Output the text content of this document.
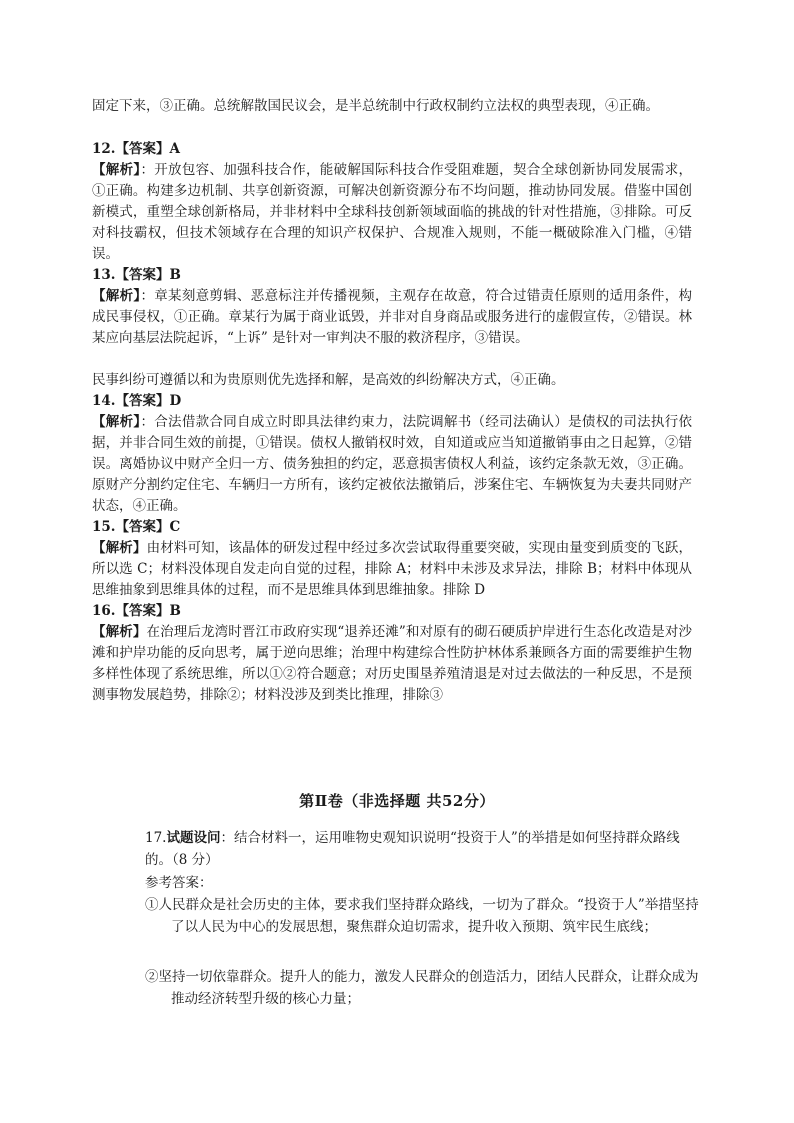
固定下来，③正确。总统解散国民议会，是半总统制中行政权制约立法权的典型表现，④正确。

12.【答案】A

【解析】：开放包容、加强科技合作，能破解国际科技合作受阻难题，契合全球创新协同发展需求，①正确。构建多边机制、共享创新资源，可解决创新资源分布不均问题，推动协同发展。借鉴中国创新模式，重塑全球创新格局，并非材料中全球科技创新领域面临的挑战的针对性措施，③排除。可反对科技霸权，但技术领域存在合理的知识产权保护、合规准入规则，不能一概破除准入门槛，④错误。

13.【答案】B

【解析】：章某刻意剪辑、恶意标注并传播视频，主观存在故意，符合过错责任原则的适用条件，构成民事侵权，①正确。章某行为属于商业诋毁，并非对自身商品或服务进行的虚假宣传，②错误。林某应向基层法院起诉，“上诉” 是针对一审判决不服的救济程序，③错误。

民事纠纷可遵循以和为贵原则优先选择和解，是高效的纠纷解决方式，④正确。

14.【答案】D

【解析】：合法借款合同自成立时即具法律约束力，法院调解书（经司法确认）是债权的司法执行依据，并非合同生效的前提，①错误。债权人撤销权时效，自知道或应当知道撤销事由之日起算，②错误。离婚协议中财产全归一方、债务独担的约定，恶意损害债权人利益，该约定条款无效，③正确。原财产分割约定住宅、车辆归一方所有，该约定被依法撤销后，涉案住宅、车辆恢复为夫妻共同财产状态，④正确。

15.【答案】C

【解析】由材料可知，该晶体的研发过程中经过多次尝试取得重要突破，实现由量变到质变的飞跃，所以选 C；材料没体现自发走向自觉的过程，排除 A；材料中未涉及求异法，排除 B；材料中体现从思维抽象到思维具体的过程，而不是思维具体到思维抽象。排除 D

16.【答案】B

【解析】在治理后龙湾时晋江市政府实现“退养还滩”和对原有的砌石硬质护岸进行生态化改造是对沙滩和护岸功能的反向思考，属于逆向思维；治理中构建综合性防护林体系兼顾各方面的需要维护生物多样性体现了系统思维，所以①②符合题意；对历史围垦养殖清退是对过去做法的一种反思，不是预测事物发展趋势，排除②；材料没涉及到类比推理，排除③

第Ⅱ卷（非选择题 共52分）

17.试题设问：结合材料一，运用唯物史观知识说明“投资于人”的举措是如何坚持群众路线的。（8 分）

参考答案：

①人民群众是社会历史的主体，要求我们坚持群众路线，一切为了群众。“投资于人”举措坚持了以人民为中心的发展思想，聚焦群众迫切需求，提升收入预期、筑牢民生底线；

②坚持一切依靠群众。提升人的能力，激发人民群众的创造活力，团结人民群众，让群众成为推动经济转型升级的核心力量；
